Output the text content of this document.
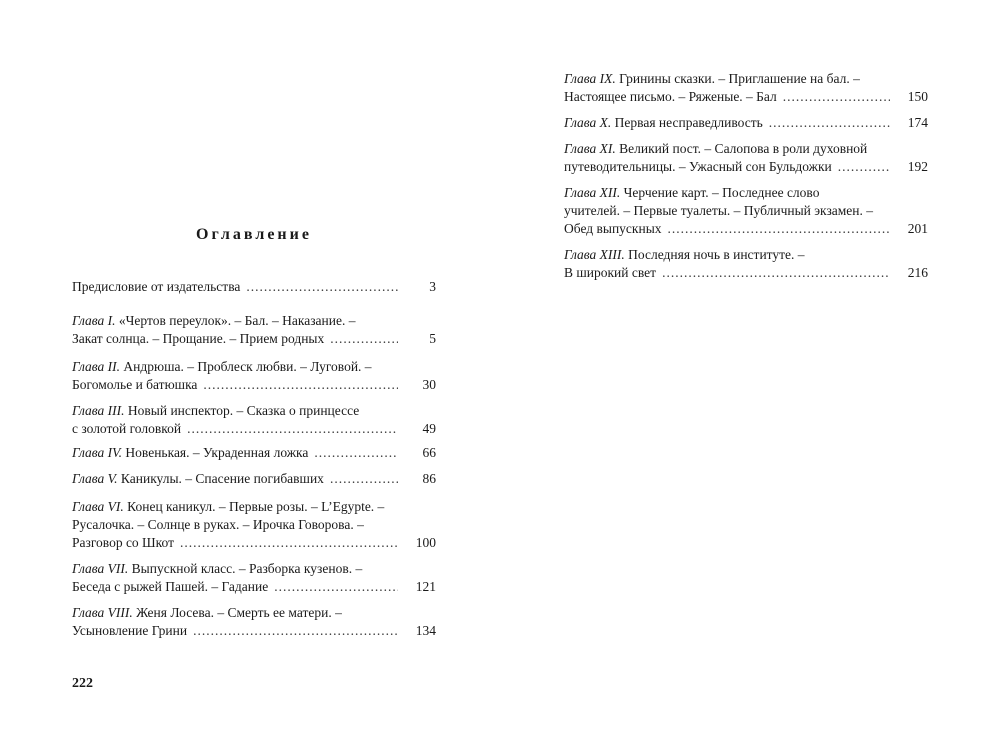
Предисловие от издательства .....	3
Глава I. «Чертов переулок». – Бал. – Наказание. –
Закат солнца. – Прощание. – Прием родных .....	5
Глава II. Андрюша. – Проблеск любви. – Луговой. –
Богомолье и батюшка .....	30
Глава III. Новый инспектор. – Сказка о принцессе
с золотой головкой .....	49
Глава IV. Новенькая. – Украденная ложка .....	66
Глава V. Каникулы. – Спасение погибавших .....	86
Глава VI. Конец каникул. – Первые розы. – L’Egypte. –
Русалочка. – Солнце в руках. – Ирочка Говорова. –
Разговор со Шкот .....	100
Глава VII. Выпускной класс. – Разборка кузенов. –
Беседа с рыжей Пашей. – Гадание .....	121
Глава VIII. Женя Лосева. – Смерть ее матери. –
Усыновление Грини .....	134
Оглавление
Глава IX. Гринины сказки. – Приглашение на бал. –
Настоящее письмо. – Ряженые. – Бал .....	150
Глава X. Первая несправедливость .....	174
Глава XI. Великий пост. – Салопова в роли духовной
путеводительницы. – Ужасный сон Бульдожки .....	192
Глава XII. Черчение карт. – Последнее слово
учителей. – Первые туалеты. – Публичный экзамен. –
Обед выпускных .....	201
Глава XIII. Последняя ночь в институте. –
В широкий свет .....	216
222
